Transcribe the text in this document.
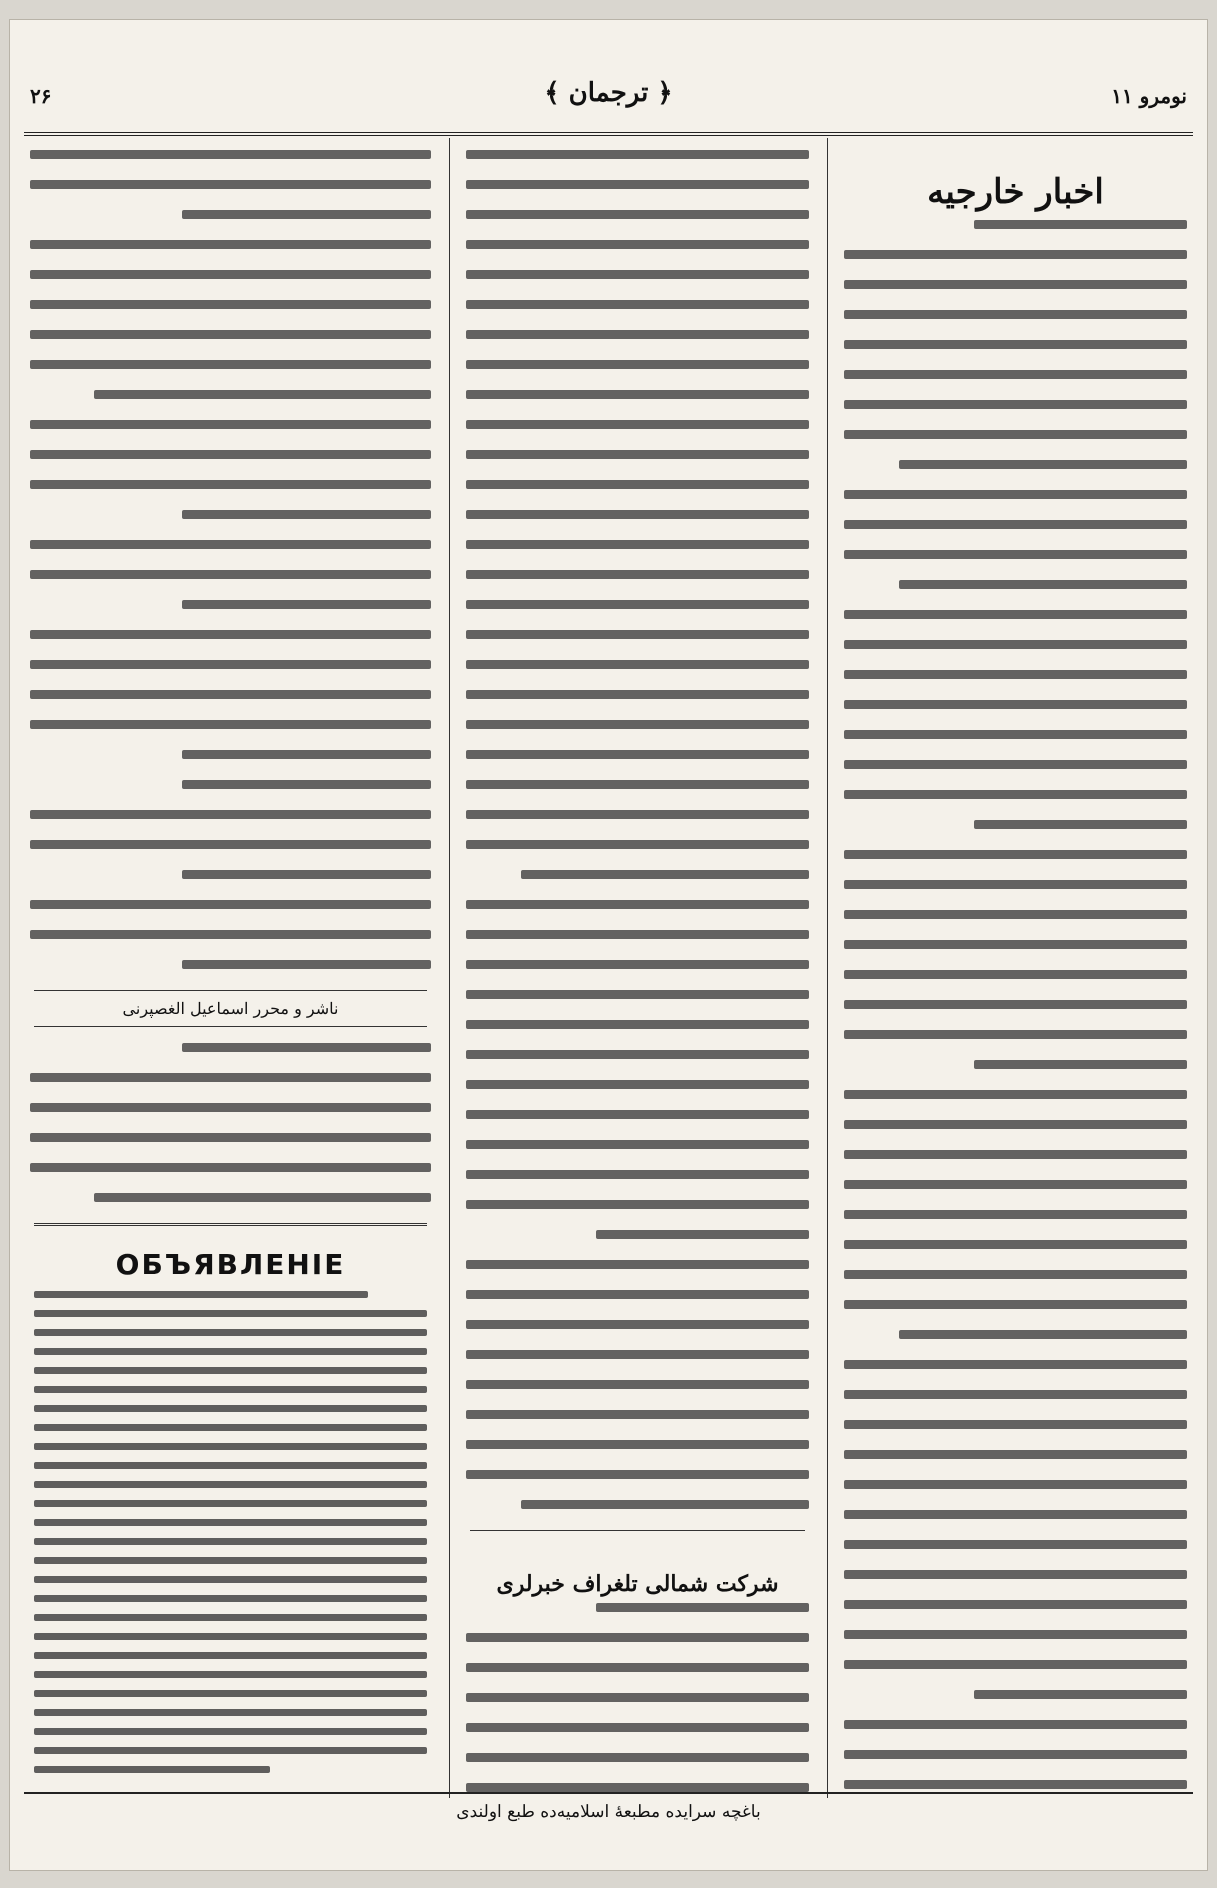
نومرو ۱۱
﴿ ترجمان ﴾
۲۶
اخبار خارجیه
شرکت شمالی تلغراف خبرلری
ناشر و محرر اسماعیل الغصپرنی
ОБЪЯВЛЕНІЕ
باغچه سرایده مطبعهٔ اسلامیه‌ده طبع اولندی
